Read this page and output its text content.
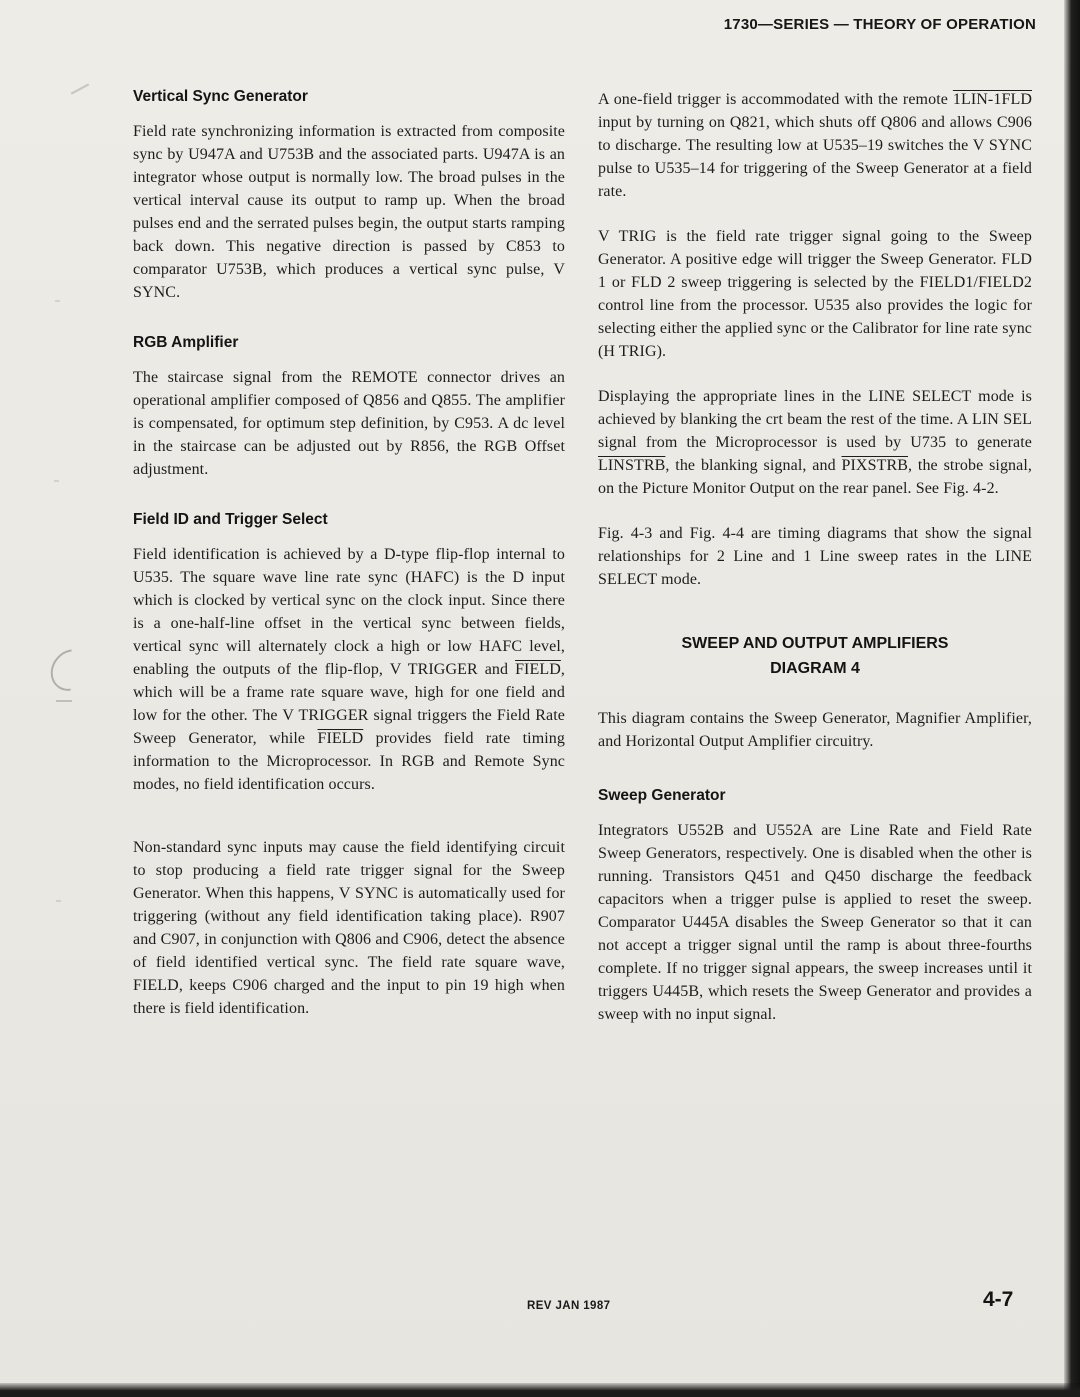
1730—SERIES — THEORY OF OPERATION
Vertical Sync Generator

Field rate synchronizing information is extracted from composite sync by U947A and U753B and the associated parts. U947A is an integrator whose output is normally low. The broad pulses in the vertical interval cause its output to ramp up. When the broad pulses end and the serrated pulses begin, the output starts ramping back down. This negative direction is passed by C853 to comparator U753B, which produces a vertical sync pulse, V SYNC.

RGB Amplifier

The staircase signal from the REMOTE connector drives an operational amplifier composed of Q856 and Q855. The amplifier is compensated, for optimum step definition, by C953. A dc level in the staircase can be adjusted out by R856, the RGB Offset adjustment.

Field ID and Trigger Select

Field identification is achieved by a D-type flip-flop internal to U535. The square wave line rate sync (HAFC) is the D input which is clocked by vertical sync on the clock input. Since there is a one-half-line offset in the vertical sync between fields, vertical sync will alternately clock a high or low HAFC level, enabling the outputs of the flip-flop, V TRIGGER and FIELD, which will be a frame rate square wave, high for one field and low for the other. The V TRIGGER signal triggers the Field Rate Sweep Generator, while FIELD provides field rate timing information to the Microprocessor. In RGB and Remote Sync modes, no field identification occurs.

Non-standard sync inputs may cause the field identifying circuit to stop producing a field rate trigger signal for the Sweep Generator. When this happens, V SYNC is automatically used for triggering (without any field identification taking place). R907 and C907, in conjunction with Q806 and C906, detect the absence of field identified vertical sync. The field rate square wave, FIELD, keeps C906 charged and the input to pin 19 high when there is field identification.

A one-field trigger is accommodated with the remote 1LIN-1FLD input by turning on Q821, which shuts off Q806 and allows C906 to discharge. The resulting low at U535–19 switches the V SYNC pulse to U535–14 for triggering of the Sweep Generator at a field rate.

V TRIG is the field rate trigger signal going to the Sweep Generator. A positive edge will trigger the Sweep Generator. FLD 1 or FLD 2 sweep triggering is selected by the FIELD1/FIELD2 control line from the processor. U535 also provides the logic for selecting either the applied sync or the Calibrator for line rate sync (H TRIG).

Displaying the appropriate lines in the LINE SELECT mode is achieved by blanking the crt beam the rest of the time. A LIN SEL signal from the Microprocessor is used by U735 to generate LINSTRB, the blanking signal, and PIXSTRB, the strobe signal, on the Picture Monitor Output on the rear panel. See Fig. 4-2.

Fig. 4-3 and Fig. 4-4 are timing diagrams that show the signal relationships for 2 Line and 1 Line sweep rates in the LINE SELECT mode.

SWEEP AND OUTPUT AMPLIFIERS
DIAGRAM 4

This diagram contains the Sweep Generator, Magnifier Amplifier, and Horizontal Output Amplifier circuitry.

Sweep Generator

Integrators U552B and U552A are Line Rate and Field Rate Sweep Generators, respectively. One is disabled when the other is running. Transistors Q451 and Q450 discharge the feedback capacitors when a trigger pulse is applied to reset the sweep. Comparator U445A disables the Sweep Generator so that it can not accept a trigger signal until the ramp is about three-fourths complete. If no trigger signal appears, the sweep increases until it triggers U445B, which resets the Sweep Generator and provides a sweep with no input signal.

REV JAN 1987	4-7
